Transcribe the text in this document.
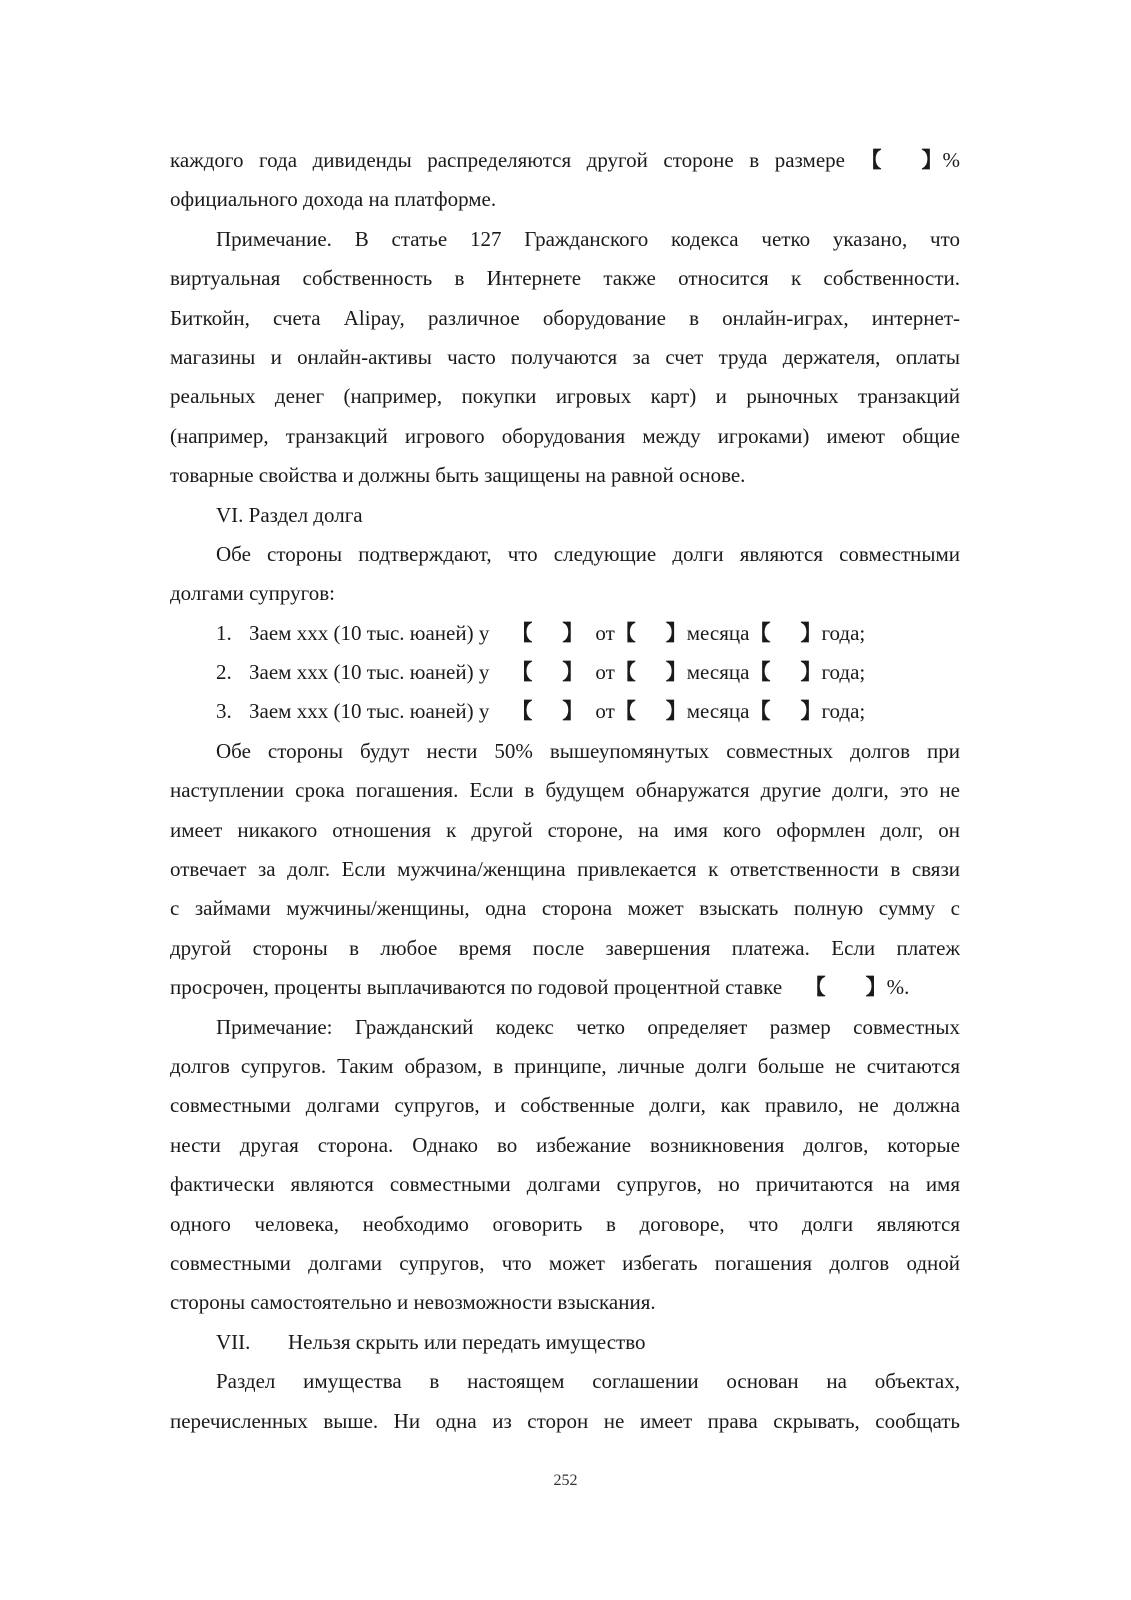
каждого года дивиденды распределяются другой стороне в размере 【 】%
официального дохода на платформе.
Примечание. В статье 127 Гражданского кодекса четко указано, что
виртуальная собственность в Интернете также относится к собственности.
Биткойн, счета Alipay, различное оборудование в онлайн-играх, интернет-
магазины и онлайн-активы часто получаются за счет труда держателя, оплаты
реальных денег (например, покупки игровых карт) и рыночных транзакций
(например, транзакций игрового оборудования между игроками) имеют общие
товарные свойства и должны быть защищены на равной основе.
VI. Раздел долга
Обе стороны подтверждают, что следующие долги являются совместными
долгами супругов:
1. Заем xxx (10 тыс. юаней) у 【 】 от 【 】 месяца 【 】 года;
2. Заем xxx (10 тыс. юаней) у 【 】 от 【 】 месяца 【 】 года;
3. Заем xxx (10 тыс. юаней) у 【 】 от 【 】 месяца 【 】 года;
Обе стороны будут нести 50% вышеупомянутых совместных долгов при
наступлении срока погашения. Если в будущем обнаружатся другие долги, это не
имеет никакого отношения к другой стороне, на имя кого оформлен долг, он
отвечает за долг. Если мужчина/женщина привлекается к ответственности в связи
с займами мужчины/женщины, одна сторона может взыскать полную сумму с
другой стороны в любое время после завершения платежа. Если платеж
просрочен, проценты выплачиваются по годовой процентной ставке 【 】%.
Примечание: Гражданский кодекс четко определяет размер совместных
долгов супругов. Таким образом, в принципе, личные долги больше не считаются
совместными долгами супругов, и собственные долги, как правило, не должна
нести другая сторона. Однако во избежание возникновения долгов, которые
фактически являются совместными долгами супругов, но причитаются на имя
одного человека, необходимо оговорить в договоре, что долги являются
совместными долгами супругов, что может избегать погашения долгов одной
стороны самостоятельно и невозможности взыскания.
VII. Нельзя скрыть или передать имущество
Раздел имущества в настоящем соглашении основан на объектах,
перечисленных выше. Ни одна из сторон не имеет права скрывать, сообщать
252
